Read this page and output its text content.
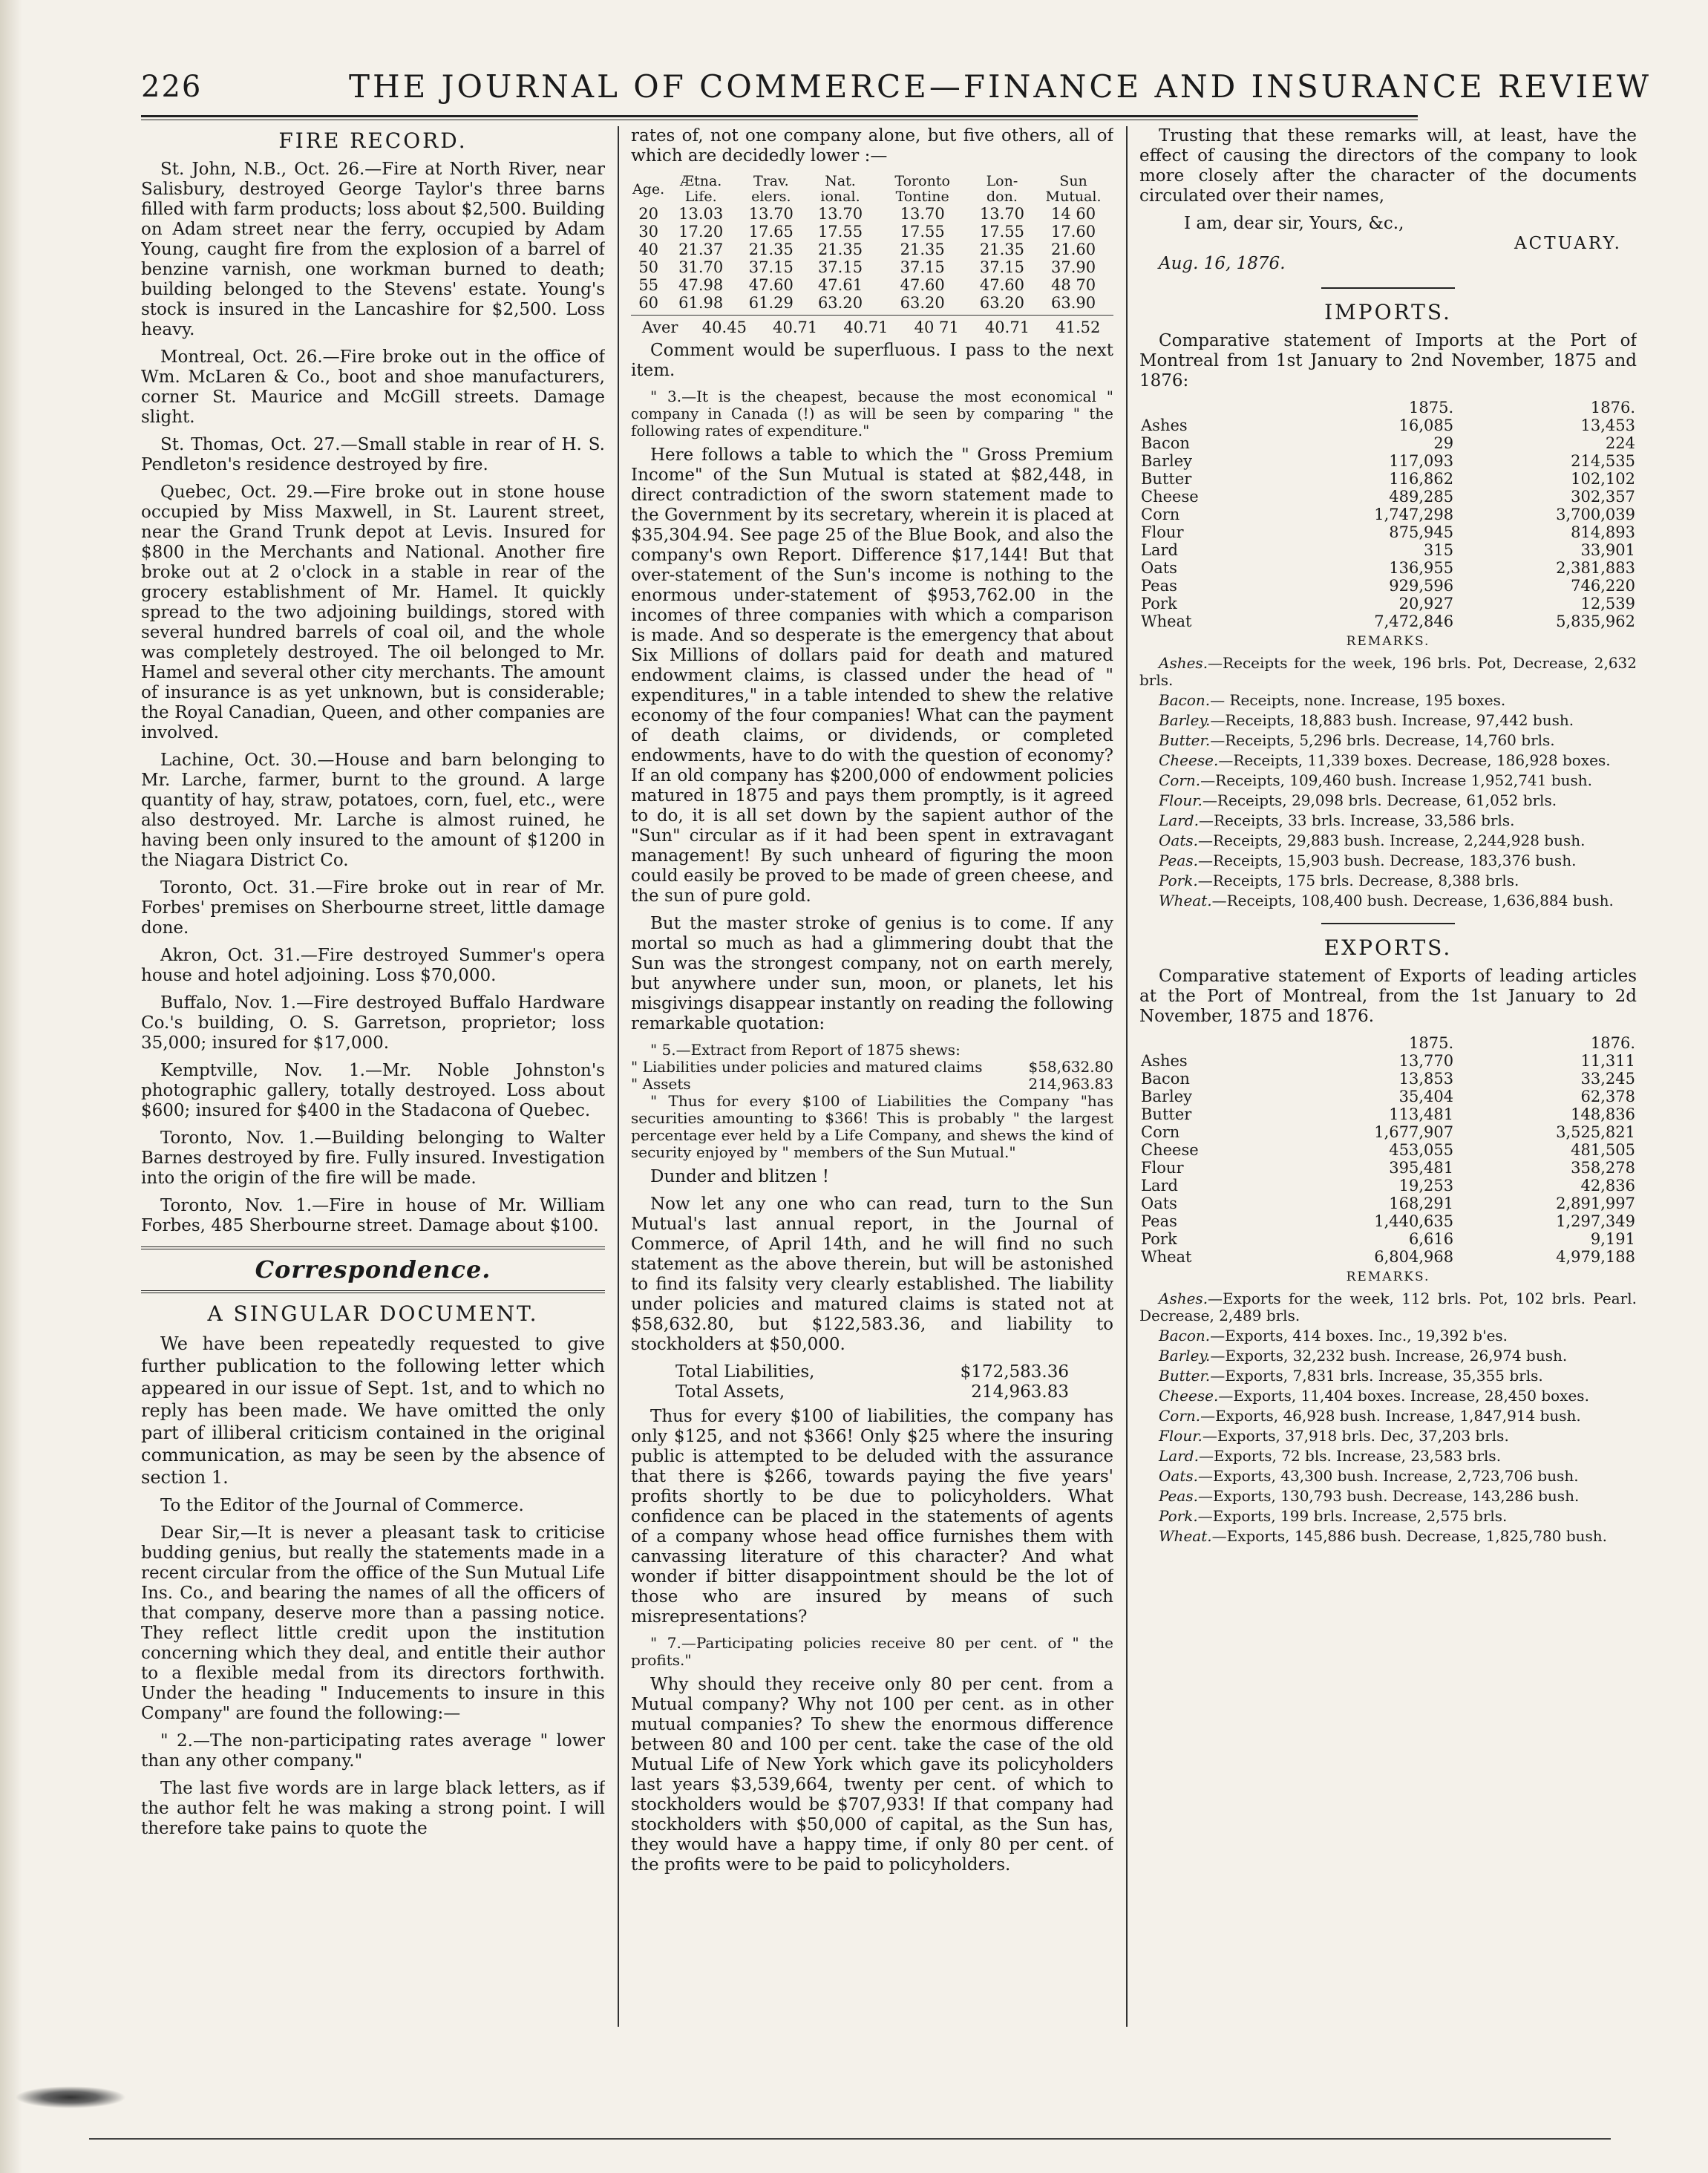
226	THE JOURNAL OF COMMERCE—FINANCE AND INSURANCE REVIEW
FIRE RECORD.

St. John, N.B., Oct. 26.—Fire at North River, near Salisbury, destroyed George Taylor's three barns filled with farm products; loss about $2,500. Building on Adam street near the ferry, occupied by Adam Young, caught fire from the explosion of a barrel of benzine varnish, one workman burned to death; building belonged to the Stevens' estate. Young's stock is insured in the Lancashire for $2,500. Loss heavy.

Montreal, Oct. 26.—Fire broke out in the office of Wm. McLaren & Co., boot and shoe manufacturers, corner St. Maurice and McGill streets. Damage slight.

St. Thomas, Oct. 27.—Small stable in rear of H. S. Pendleton's residence destroyed by fire.

Quebec, Oct. 29.—Fire broke out in stone house occupied by Miss Maxwell, in St. Laurent street, near the Grand Trunk depot at Levis. Insured for $800 in the Merchants and National. Another fire broke out at 2 o'clock in a stable in rear of the grocery establishment of Mr. Hamel. It quickly spread to the two adjoining buildings, stored with several hundred barrels of coal oil, and the whole was completely destroyed. The oil belonged to Mr. Hamel and several other city merchants. The amount of insurance is as yet unknown, but is considerable; the Royal Canadian, Queen, and other companies are involved.

Lachine, Oct. 30.—House and barn belonging to Mr. Larche, farmer, burnt to the ground. A large quantity of hay, straw, potatoes, corn, fuel, etc., were also destroyed. Mr. Larche is almost ruined, he having been only insured to the amount of $1200 in the Niagara District Co.

Toronto, Oct. 31.—Fire broke out in rear of Mr. Forbes' premises on Sherbourne street, little damage done.

Akron, Oct. 31.—Fire destroyed Summer's opera house and hotel adjoining. Loss $70,000.

Buffalo, Nov. 1.—Fire destroyed Buffalo Hardware Co.'s building, O. S. Garretson, proprietor; loss 35,000; insured for $17,000.

Kemptville, Nov. 1.—Mr. Noble Johnston's photographic gallery, totally destroyed. Loss about $600; insured for $400 in the Stadacona of Quebec.

Toronto, Nov. 1.—Building belonging to Walter Barnes destroyed by fire. Fully insured. Investigation into the origin of the fire will be made.

Toronto, Nov. 1.—Fire in house of Mr. William Forbes, 485 Sherbourne street. Damage about $100.

Correspondence.
A SINGULAR DOCUMENT.

We have been repeatedly requested to give further publication to the following letter which appeared in our issue of Sept. 1st, and to which no reply has been made. We have omitted the only part of illiberal criticism contained in the original communication, as may be seen by the absence of section 1.

To the Editor of the Journal of Commerce.

Dear Sir,—It is never a pleasant task to criticise budding genius, but really the statements made in a recent circular from the office of the Sun Mutual Life Ins. Co., and bearing the names of all the officers of that company, deserve more than a passing notice. They reflect little credit upon the institution concerning which they deal, and entitle their author to a flexible medal from its directors forthwith. Under the heading " Inducements to insure in this Company" are found the following:—

" 2.—The non-participating rates average " lower than any other company."

The last five words are in large black letters, as if the author felt he was making a strong point. I will therefore take pains to quote the

rates of, not one company alone, but five others, all of which are decidedly lower :—

Age.	Ætna. Life.	Trav. elers.	Nat. ional.	Toronto Tontine	Lon- don.	Sun Mutual.
20	13.03	13.70	13.70	13.70	13.70	14 60
30	17.20	17.65	17.55	17.55	17.55	17.60
40	21.37	21.35	21.35	21.35	21.35	21.60
50	31.70	37.15	37.15	37.15	37.15	37.90
55	47.98	47.60	47.61	47.60	47.60	48 70
60	61.98	61.29	63.20	63.20	63.20	63.90
Aver	40.45	40.71	40.71	40 71	40.71	41.52

Comment would be superfluous. I pass to the next item.

" 3.—It is the cheapest, because the most economical " company in Canada (!) as will be seen by comparing " the following rates of expenditure."

Here follows a table to which the " Gross Premium Income" of the Sun Mutual is stated at $82,448, in direct contradiction of the sworn statement made to the Government by its secretary, wherein it is placed at $35,304.94. See page 25 of the Blue Book, and also the company's own Report. Difference $17,144! But that over-statement of the Sun's income is nothing to the enormous under-statement of $953,762.00 in the incomes of three companies with which a comparison is made. And so desperate is the emergency that about Six Millions of dollars paid for death and matured endowment claims, is classed under the head of " expenditures," in a table intended to shew the relative economy of the four companies! What can the payment of death claims, or dividends, or completed endowments, have to do with the question of economy? If an old company has $200,000 of endowment policies matured in 1875 and pays them promptly, is it agreed to do, it is all set down by the sapient author of the "Sun" circular as if it had been spent in extravagant management! By such unheard of figuring the moon could easily be proved to be made of green cheese, and the sun of pure gold.

But the master stroke of genius is to come. If any mortal so much as had a glimmering doubt that the Sun was the strongest company, not on earth merely, but anywhere under sun, moon, or planets, let his misgivings disappear instantly on reading the following remarkable quotation:

" 5.—Extract from Report of 1875 shews:

" Liabilities under policies and matured claims	$58,632.80
" Assets	214,963.83

" Thus for every $100 of Liabilities the Company "has securities amounting to $366! This is probably " the largest percentage ever held by a Life Company, and shews the kind of security enjoyed by " members of the Sun Mutual."

Dunder and blitzen !

Now let any one who can read, turn to the Sun Mutual's last annual report, in the Journal of Commerce, of April 14th, and he will find no such statement as the above therein, but will be astonished to find its falsity very clearly established. The liability under policies and matured claims is stated not at $58,632.80, but $122,583.36, and liability to stockholders at $50,000.

Total Liabilities,	$172,583.36
Total Assets,	214,963.83

Thus for every $100 of liabilities, the company has only $125, and not $366! Only $25 where the insuring public is attempted to be deluded with the assurance that there is $266, towards paying the five years' profits shortly to be due to policyholders. What confidence can be placed in the statements of agents of a company whose head office furnishes them with canvassing literature of this character? And what wonder if bitter disappointment should be the lot of those who are insured by means of such misrepresentations?

" 7.—Participating policies receive 80 per cent. of " the profits."

Why should they receive only 80 per cent. from a Mutual company? Why not 100 per cent. as in other mutual companies? To shew the enormous difference between 80 and 100 per cent. take the case of the old Mutual Life of New York which gave its policyholders last years $3,539,664, twenty per cent. of which to stockholders would be $707,933! If that company had stockholders with $50,000 of capital, as the Sun has, they would have a happy time, if only 80 per cent. of the profits were to be paid to policyholders.

Trusting that these remarks will, at least, have the effect of causing the directors of the company to look more closely after the character of the documents circulated over their names,

I am, dear sir, Yours, &c.,

ACTUARY.

Aug. 16, 1876.

IMPORTS.

Comparative statement of Imports at the Port of Montreal from 1st January to 2nd November, 1875 and 1876:

	1875.	1876.
Ashes	16,085	13,453
Bacon	29	224
Barley	117,093	214,535
Butter	116,862	102,102
Cheese	489,285	302,357
Corn	1,747,298	3,700,039
Flour	875,945	814,893
Lard	315	33,901
Oats	136,955	2,381,883
Peas	929,596	746,220
Pork	20,927	12,539
Wheat	7,472,846	5,835,962
REMARKS.

Ashes.—Receipts for the week, 196 brls. Pot, Decrease, 2,632 brls.

Bacon.— Receipts, none. Increase, 195 boxes.

Barley.—Receipts, 18,883 bush. Increase, 97,442 bush.

Butter.—Receipts, 5,296 brls. Decrease, 14,760 brls.

Cheese.—Receipts, 11,339 boxes. Decrease, 186,928 boxes.

Corn.—Receipts, 109,460 bush. Increase 1,952,741 bush.

Flour.—Receipts, 29,098 brls. Decrease, 61,052 brls.

Lard.—Receipts, 33 brls. Increase, 33,586 brls.

Oats.—Receipts, 29,883 bush. Increase, 2,244,928 bush.

Peas.—Receipts, 15,903 bush. Decrease, 183,376 bush.

Pork.—Receipts, 175 brls. Decrease, 8,388 brls.

Wheat.—Receipts, 108,400 bush. Decrease, 1,636,884 bush.

EXPORTS.

Comparative statement of Exports of leading articles at the Port of Montreal, from the 1st January to 2d November, 1875 and 1876.

	1875.	1876.
Ashes	13,770	11,311
Bacon	13,853	33,245
Barley	35,404	62,378
Butter	113,481	148,836
Corn	1,677,907	3,525,821
Cheese	453,055	481,505
Flour	395,481	358,278
Lard	19,253	42,836
Oats	168,291	2,891,997
Peas	1,440,635	1,297,349
Pork	6,616	9,191
Wheat	6,804,968	4,979,188
REMARKS.

Ashes.—Exports for the week, 112 brls. Pot, 102 brls. Pearl. Decrease, 2,489 brls.

Bacon.—Exports, 414 boxes. Inc., 19,392 b'es.

Barley.—Exports, 32,232 bush. Increase, 26,974 bush.

Butter.—Exports, 7,831 brls. Increase, 35,355 brls.

Cheese.—Exports, 11,404 boxes. Increase, 28,450 boxes.

Corn.—Exports, 46,928 bush. Increase, 1,847,914 bush.

Flour.—Exports, 37,918 brls. Dec, 37,203 brls.

Lard.—Exports, 72 bls. Increase, 23,583 brls.

Oats.—Exports, 43,300 bush. Increase, 2,723,706 bush.

Peas.—Exports, 130,793 bush. Decrease, 143,286 bush.

Pork.—Exports, 199 brls. Increase, 2,575 brls.

Wheat.—Exports, 145,886 bush. Decrease, 1,825,780 bush.
